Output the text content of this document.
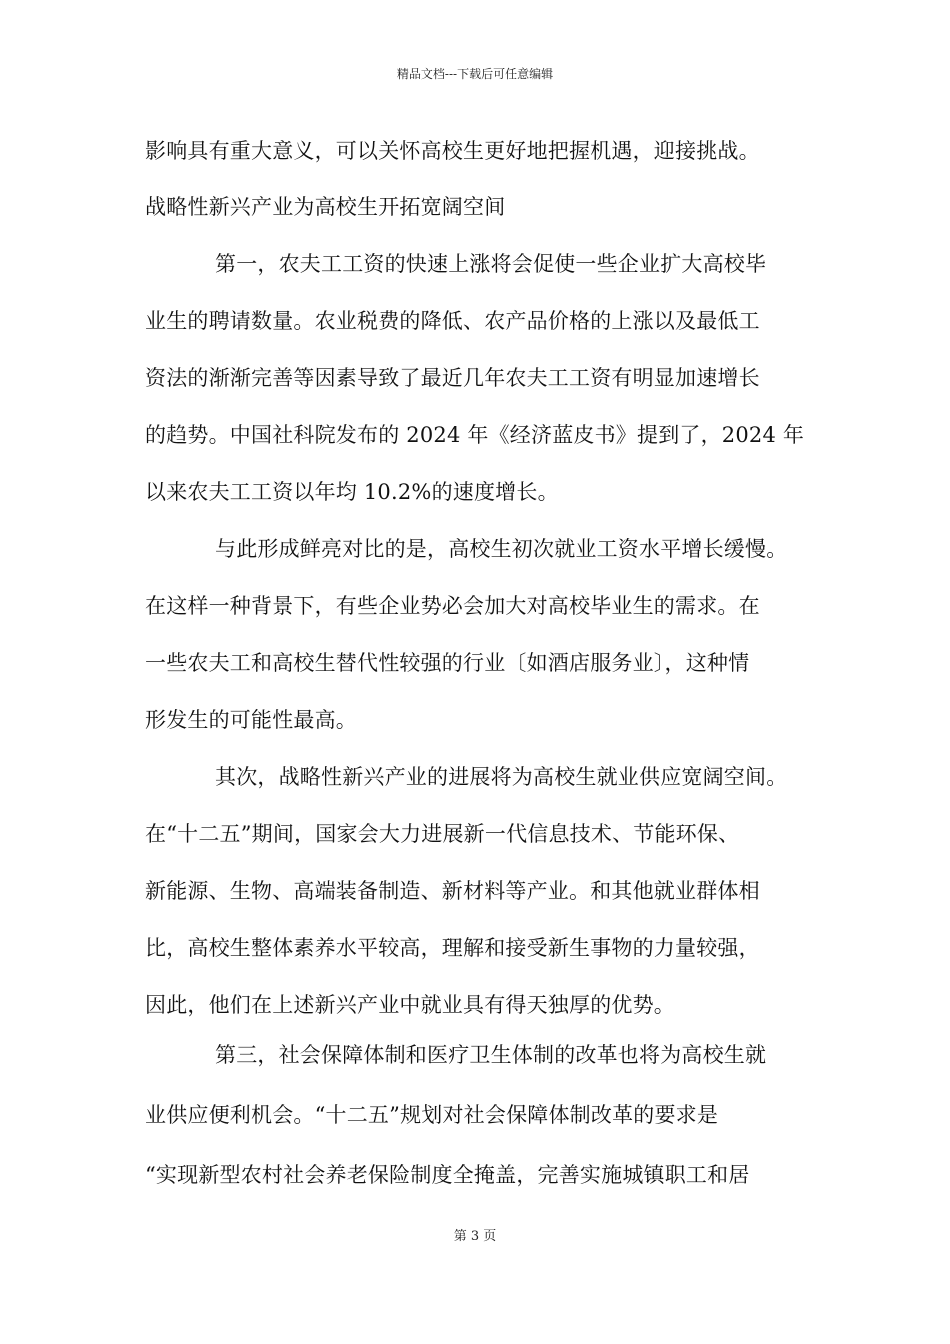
精品文档---下载后可任意编辑
影响具有重大意义，可以关怀高校生更好地把握机遇，迎接挑战。
战略性新兴产业为高校生开拓宽阔空间
第一，农夫工工资的快速上涨将会促使一些企业扩大高校毕
业生的聘请数量。农业税费的降低、农产品价格的上涨以及最低工
资法的渐渐完善等因素导致了最近几年农夫工工资有明显加速增长
的趋势。中国社科院发布的 2024 年《经济蓝皮书》提到了，2024 年
以来农夫工工资以年均 10.2%的速度增长。
与此形成鲜亮对比的是，高校生初次就业工资水平增长缓慢。
在这样一种背景下，有些企业势必会加大对高校毕业生的需求。在
一些农夫工和高校生替代性较强的行业〔如酒店服务业〕，这种情
形发生的可能性最高。
其次，战略性新兴产业的进展将为高校生就业供应宽阔空间。
在“十二五”期间，国家会大力进展新一代信息技术、节能环保、
新能源、生物、高端装备制造、新材料等产业。和其他就业群体相
比，高校生整体素养水平较高，理解和接受新生事物的力量较强，
因此，他们在上述新兴产业中就业具有得天独厚的优势。
第三，社会保障体制和医疗卫生体制的改革也将为高校生就
业供应便利机会。“十二五”规划对社会保障体制改革的要求是
“实现新型农村社会养老保险制度全掩盖，完善实施城镇职工和居
第 3 页
